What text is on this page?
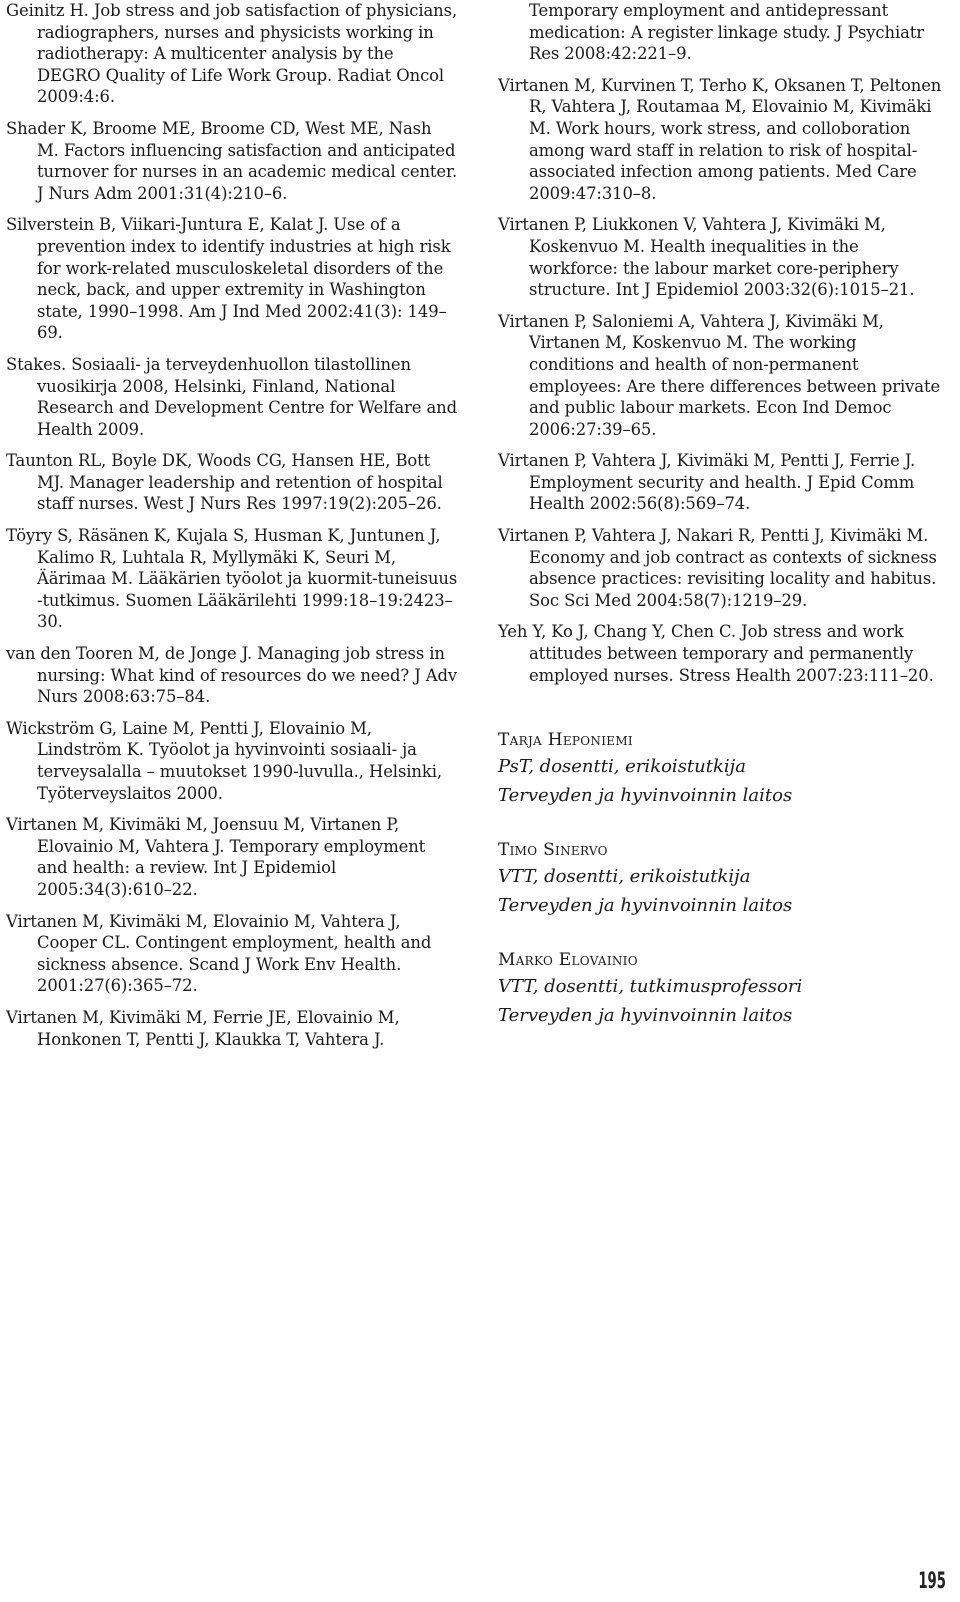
Geinitz H. Job stress and job satisfaction of physicians, radiographers, nurses and physicists working in radiotherapy: A multicenter analysis by the DEGRO Quality of Life Work Group. Radiat Oncol 2009:4:6.

Shader K, Broome ME, Broome CD, West ME, Nash M. Factors influencing satisfaction and anticipated turnover for nurses in an academic medical center. J Nurs Adm 2001:31(4):210–6.

Silverstein B, Viikari-Juntura E, Kalat J. Use of a prevention index to identify industries at high risk for work-related musculoskeletal disorders of the neck, back, and upper extremity in Washington state, 1990–1998. Am J Ind Med 2002:41(3): 149–69.

Stakes. Sosiaali- ja terveydenhuollon tilastollinen vuosikirja 2008, Helsinki, Finland, National Research and Development Centre for Welfare and Health 2009.

Taunton RL, Boyle DK, Woods CG, Hansen HE, Bott MJ. Manager leadership and retention of hospital staff nurses. West J Nurs Res 1997:19(2):205–26.

Töyry S, Räsänen K, Kujala S, Husman K, Juntunen J, Kalimo R, Luhtala R, Myllymäki K, Seuri M, Äärimaa M. Lääkärien työolot ja kuormit-tuneisuus -tutkimus. Suomen Lääkärilehti 1999:18–19:2423–30.

van den Tooren M, de Jonge J. Managing job stress in nursing: What kind of resources do we need? J Adv Nurs 2008:63:75–84.

Wickström G, Laine M, Pentti J, Elovainio M, Lindström K. Työolot ja hyvinvointi sosiaali- ja terveysalalla – muutokset 1990-luvulla., Helsinki, Työterveyslaitos 2000.

Virtanen M, Kivimäki M, Joensuu M, Virtanen P, Elovainio M, Vahtera J. Temporary employment and health: a review. Int J Epidemiol 2005:34(3):610–22.

Virtanen M, Kivimäki M, Elovainio M, Vahtera J, Cooper CL. Contingent employment, health and sickness absence. Scand J Work Env Health. 2001:27(6):365–72.

Virtanen M, Kivimäki M, Ferrie JE, Elovainio M, Honkonen T, Pentti J, Klaukka T, Vahtera J.

Temporary employment and antidepressant medication: A register linkage study. J Psychiatr Res 2008:42:221–9.

Virtanen M, Kurvinen T, Terho K, Oksanen T, Peltonen R, Vahtera J, Routamaa M, Elovainio M, Kivimäki M. Work hours, work stress, and colloboration among ward staff in relation to risk of hospital-associated infection among patients. Med Care 2009:47:310–8.

Virtanen P, Liukkonen V, Vahtera J, Kivimäki M, Koskenvuo M. Health inequalities in the workforce: the labour market core-periphery structure. Int J Epidemiol 2003:32(6):1015–21.

Virtanen P, Saloniemi A, Vahtera J, Kivimäki M, Virtanen M, Koskenvuo M. The working conditions and health of non-permanent employees: Are there differences between private and public labour markets. Econ Ind Democ 2006:27:39–65.

Virtanen P, Vahtera J, Kivimäki M, Pentti J, Ferrie J. Employment security and health. J Epid Comm Health 2002:56(8):569–74.

Virtanen P, Vahtera J, Nakari R, Pentti J, Kivimäki M. Economy and job contract as contexts of sickness absence practices: revisiting locality and habitus. Soc Sci Med 2004:58(7):1219–29.

Yeh Y, Ko J, Chang Y, Chen C. Job stress and work attitudes between temporary and permanently employed nurses. Stress Health 2007:23:111–20.

Tarja Heponiemi

PsT, dosentti, erikoistutkija

Terveyden ja hyvinvoinnin laitos

Timo Sinervo

VTT, dosentti, erikoistutkija

Terveyden ja hyvinvoinnin laitos

Marko Elovainio

VTT, dosentti, tutkimusprofessori

Terveyden ja hyvinvoinnin laitos

195
